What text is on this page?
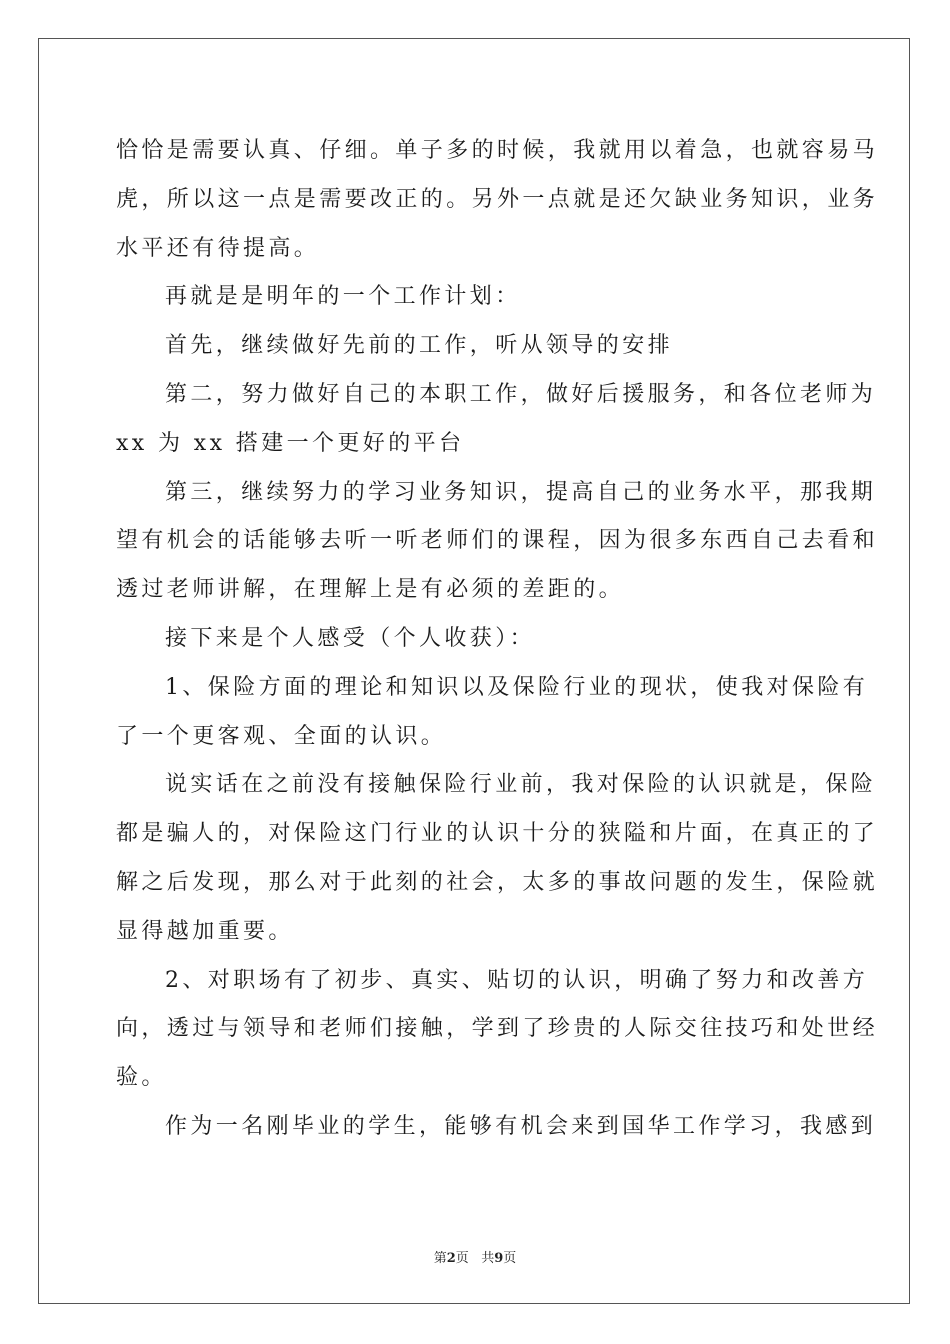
恰恰是需要认真、仔细。单子多的时候，我就用以着急，也就容易马
虎，所以这一点是需要改正的。另外一点就是还欠缺业务知识，业务
水平还有待提高。
再就是是明年的一个工作计划：
首先，继续做好先前的工作，听从领导的安排
第二，努力做好自己的本职工作，做好后援服务，和各位老师为
xx 为 xx 搭建一个更好的平台
第三，继续努力的学习业务知识，提高自己的业务水平，那我期
望有机会的话能够去听一听老师们的课程，因为很多东西自己去看和
透过老师讲解，在理解上是有必须的差距的。
接下来是个人感受（个人收获）：
1、保险方面的理论和知识以及保险行业的现状，使我对保险有
了一个更客观、全面的认识。
说实话在之前没有接触保险行业前，我对保险的认识就是，保险
都是骗人的，对保险这门行业的认识十分的狭隘和片面，在真正的了
解之后发现，那么对于此刻的社会，太多的事故问题的发生，保险就
显得越加重要。
2、对职场有了初步、真实、贴切的认识，明确了努力和改善方
向，透过与领导和老师们接触，学到了珍贵的人际交往技巧和处世经
验。
作为一名刚毕业的学生，能够有机会来到国华工作学习，我感到
第2页 共9页
